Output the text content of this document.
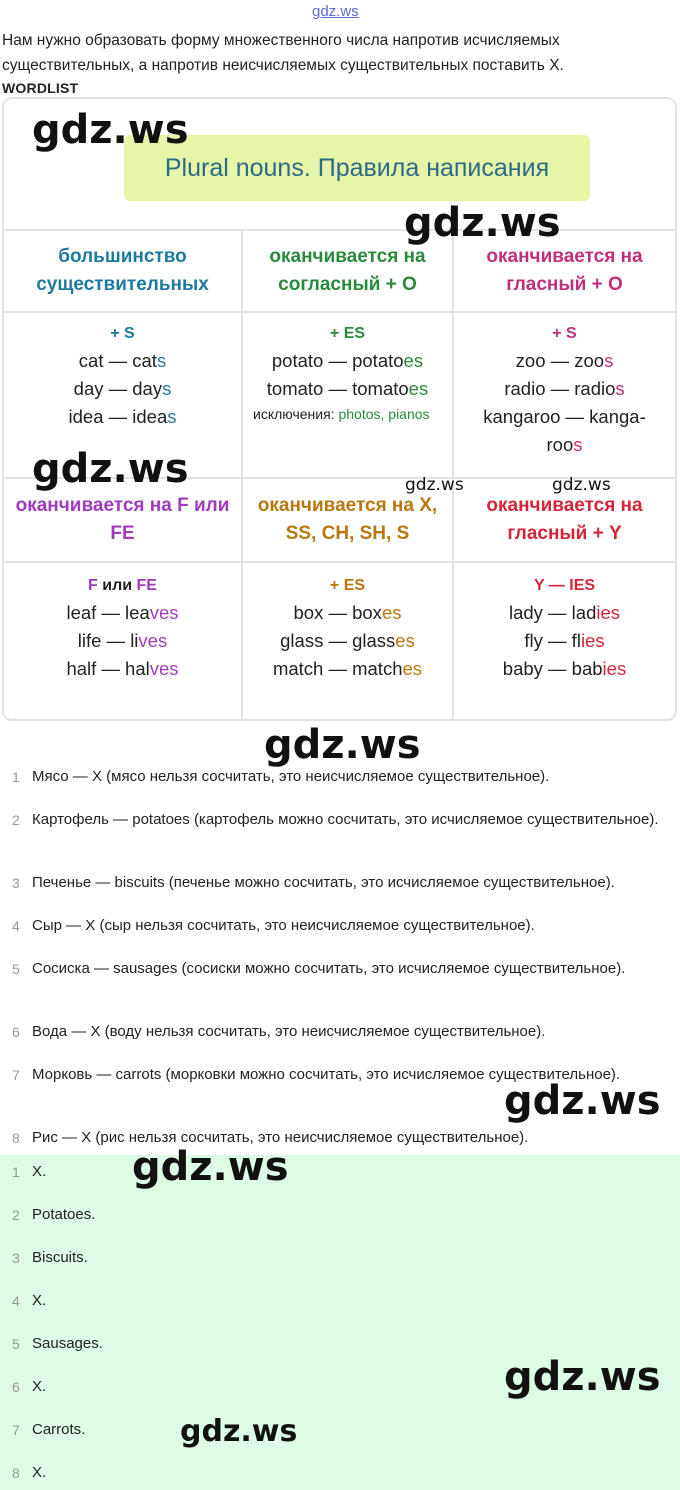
gdz.ws
Нам нужно образовать форму множественного числа напротив исчисляемых существительных, а напротив неисчисляемых существительных поставить X.
WORDLIST
Plural nouns. Правила написания
большинство существительных
оканчивается на согласный + O
оканчивается на гласный + O
+ S
cat — cats
day — days
idea — ideas
+ ES
potato — potatoes
tomato — tomatoes
исключения: photos, pianos
+ S
zoo — zoos
radio — radios
kangaroo — kanga-roos
оканчивается на F или FE
оканчивается на X, SS, CH, SH, S
оканчивается на гласный + Y
F или FE
leaf — leaves
life — lives
half — halves
+ ES
box — boxes
glass — glasses
match — matches
Y — IES
lady — ladies
fly — flies
baby — babies
1 Мясо — X (мясо нельзя сосчитать, это неисчисляемое существительное).
2 Картофель — potatoes (картофель можно сосчитать, это исчисляемое существительное).
3 Печенье — biscuits (печенье можно сосчитать, это исчисляемое существительное).
4 Сыр — X (сыр нельзя сосчитать, это неисчисляемое существительное).
5 Сосиска — sausages (сосиски можно сосчитать, это исчисляемое существительное).
6 Вода — X (воду нельзя сосчитать, это неисчисляемое существительное).
7 Морковь — carrots (морковки можно сосчитать, это исчисляемое существительное).
8 Рис — X (рис нельзя сосчитать, это неисчисляемое существительное).
1 X.
2 Potatoes.
3 Biscuits.
4 X.
5 Sausages.
6 X.
7 Carrots.
8 X.
gdz.ws
gdz.ws
gdz.ws	gdz.ws	gdz.ws
gdz.ws
gdz.ws
gdz.ws
gdz.ws
gdz.ws
